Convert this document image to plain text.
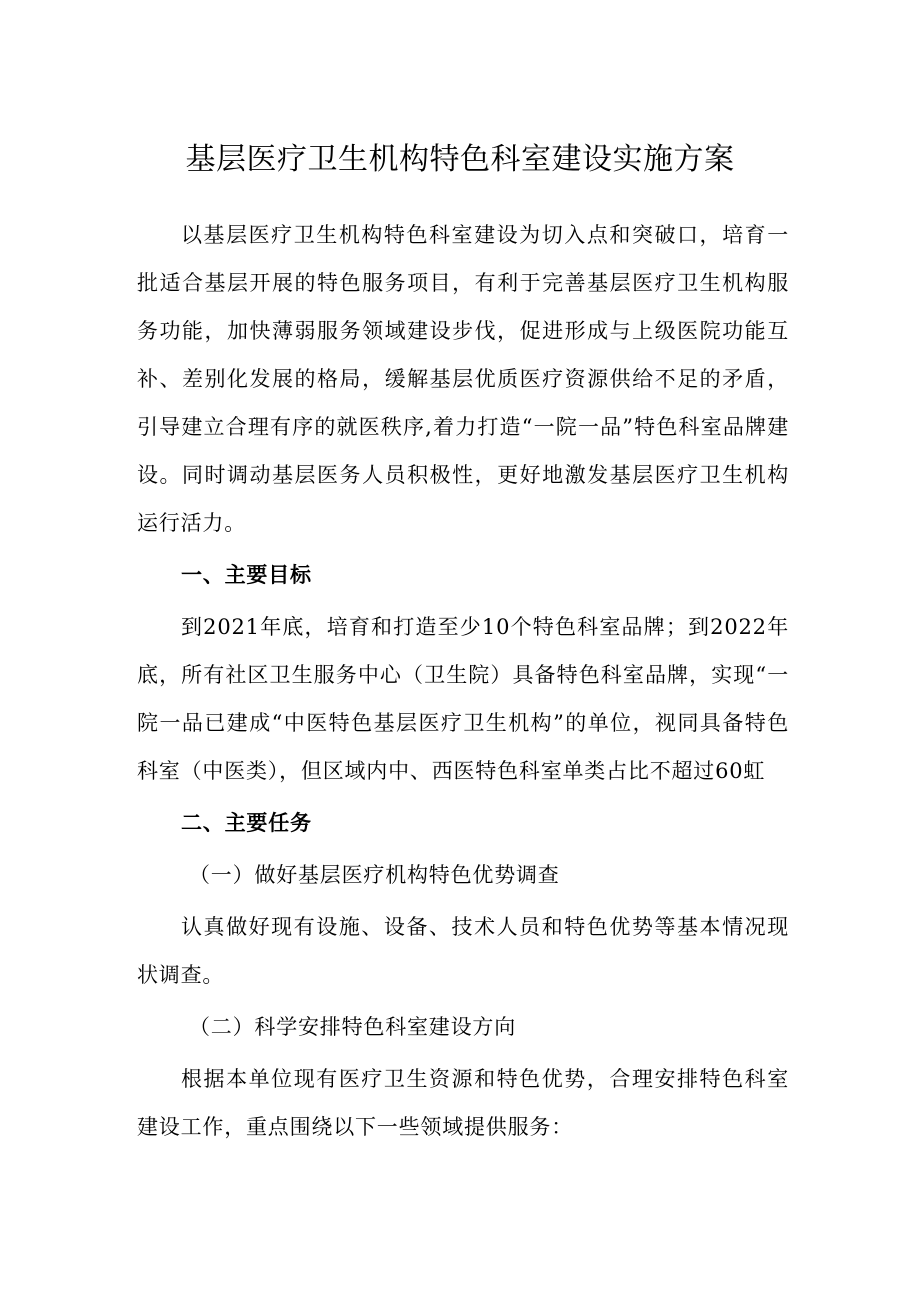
基层医疗卫生机构特色科室建设实施方案

以基层医疗卫生机构特色科室建设为切入点和突破口，培育一批适合基层开展的特色服务项目，有利于完善基层医疗卫生机构服务功能，加快薄弱服务领域建设步伐，促进形成与上级医院功能互补、差别化发展的格局，缓解基层优质医疗资源供给不足的矛盾，引导建立合理有序的就医秩序,着力打造“一院一品”特色科室品牌建设。同时调动基层医务人员积极性，更好地激发基层医疗卫生机构运行活力。

一、主要目标

到2021年底，培育和打造至少10个特色科室品牌；到2022年底，所有社区卫生服务中心（卫生院）具备特色科室品牌，实现“一院一品已建成“中医特色基层医疗卫生机构”的单位，视同具备特色科室（中医类），但区域内中、西医特色科室单类占比不超过60虹

二、主要任务

（一）做好基层医疗机构特色优势调查

认真做好现有设施、设备、技术人员和特色优势等基本情况现状调查。

（二）科学安排特色科室建设方向

根据本单位现有医疗卫生资源和特色优势，合理安排特色科室建设工作，重点围绕以下一些领域提供服务：
